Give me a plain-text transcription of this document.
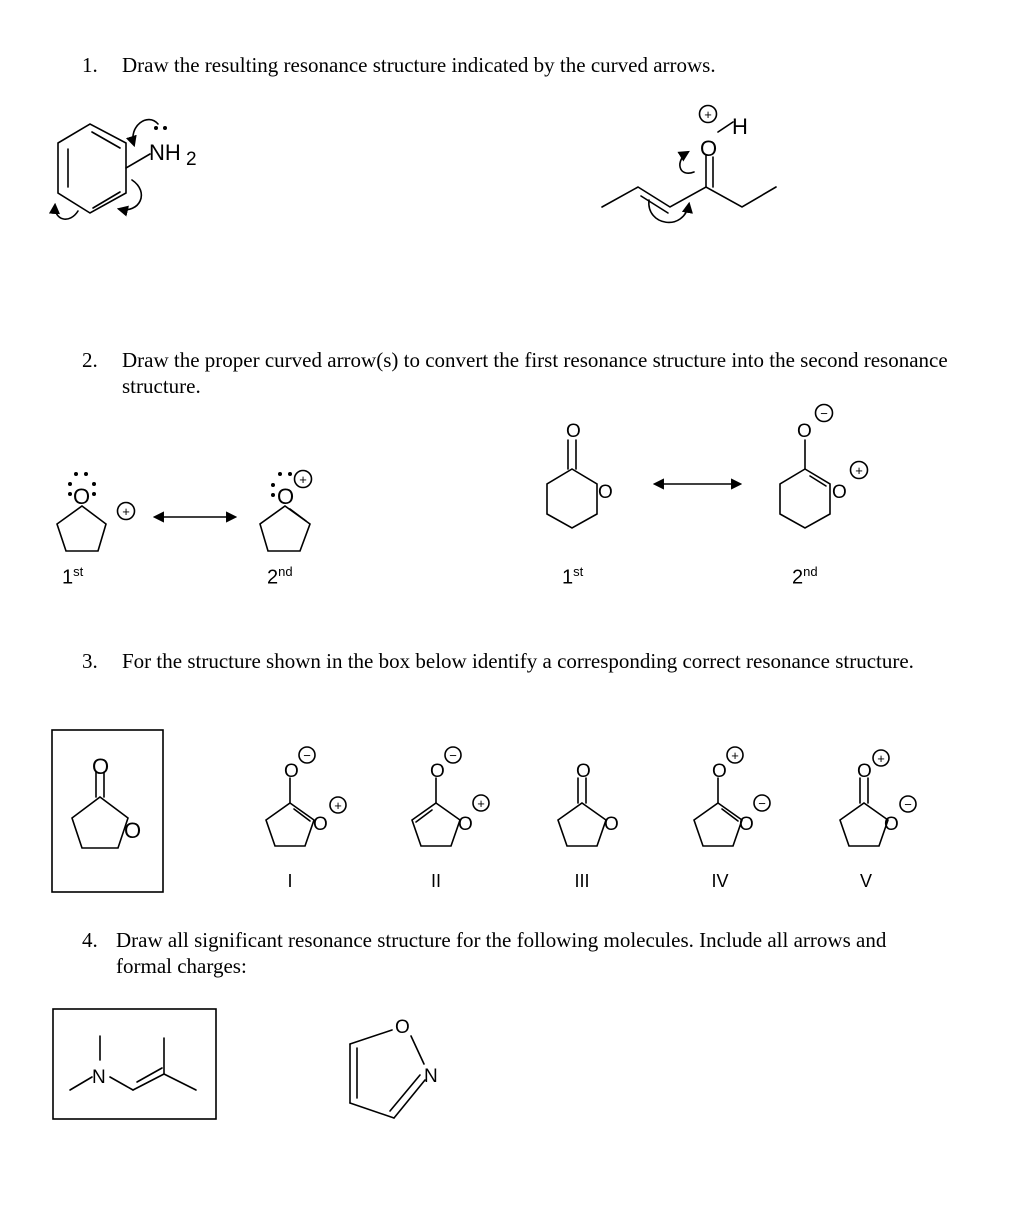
1. Draw the resulting resonance structure indicated by the curved arrows.
2. Draw the proper curved arrow(s) to convert the first resonance structure into the second resonance structure.
3. For the structure shown in the box below identify a corresponding correct resonance structure.
4. Draw all significant resonance structure for the following molecules. Include all arrows and formal charges:
1st	2nd	1st	2nd
NH 2	O
H
+
O
+
O
+
O
O
O
O
−
+
O
O
O
O
−
+
I
O
O
−
+
II
O
O
III
O
O
+
−
IV
O
O
+
−
V
N
O
N
